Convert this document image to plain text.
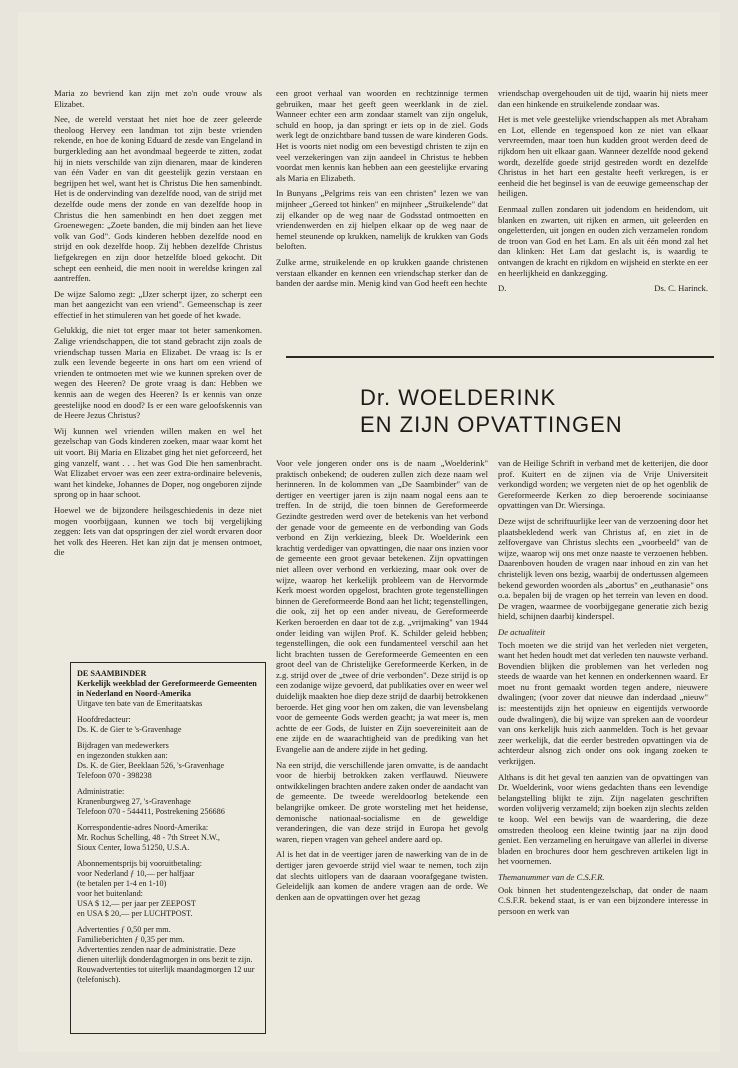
Maria zo bevriend kan zijn met zo'n oude vrouw als Elizabet.

Nee, de wereld verstaat het niet hoe de zeer geleerde theoloog Hervey een landman tot zijn beste vrienden rekende, en hoe de koning Eduard de zesde van Engeland in burgerkleding aan het avondmaal begeerde te zitten, zodat hij in niets verschilde van zijn dienaren, maar de kinderen van één Vader en van dit geestelijk gezin verstaan en begrijpen het wel, want het is Christus Die hen samenbindt. Het is de ondervinding van dezelfde nood, van de strijd met dezelfde oude mens der zonde en van dezelfde hoop in Christus die hen samenbindt en hen doet zeggen met Groenewegen: „Zoete banden, die mij binden aan het lieve volk van God". Gods kinderen hebben dezelfde nood en strijd en ook dezelfde hoop. Zij hebben dezelfde Christus liefgekregen en zijn door hetzelfde bloed gekocht. Dit schept een eenheid, die men nooit in wereldse kringen zal aantreffen.

De wijze Salomo zegt: „IJzer scherpt ijzer, zo scherpt een man het aangezicht van een vriend". Gemeenschap is zeer effectief in het stimuleren van het goede of het kwade.

Gelukkig, die niet tot erger maar tot beter samenkomen. Zalige vriendschappen, die tot stand gebracht zijn zoals de vriendschap tussen Maria en Elizabet. De vraag is: Is er zulk een levende begeerte in ons hart om een vriend of vrienden te ontmoeten met wie we kunnen spreken over de wegen des Heeren? De grote vraag is dan: Hebben we kennis aan de wegen des Heeren? Is er kennis van onze geestelijke nood en dood? Is er een ware geloofskennis van de Heere Jezus Christus?

Wij kunnen wel vrienden willen maken en wel het gezelschap van Gods kinderen zoeken, maar waar komt het uit voort. Bij Maria en Elizabet ging het niet geforceerd, het ging vanzelf, want . . . het was God Die hen samenbracht. Wat Elizabet ervoer was een zeer extra-ordinaire belevenis, want het kindeke, Johannes de Doper, nog ongeboren zijnde sprong op in haar schoot.

Hoewel we de bijzondere heilsgeschiedenis in deze niet mogen voorbijgaan, kunnen we toch bij vergelijking zeggen: Iets van dat opspringen der ziel wordt ervaren door het volk des Heeren. Het kan zijn dat je mensen ontmoet, die

een groot verhaal van woorden en rechtzinnige termen gebruiken, maar het geeft geen weerklank in de ziel. Wanneer echter een arm zondaar stamelt van zijn ongeluk, schuld en hoop, ja dan springt er iets op in de ziel. Gods werk legt de onzichtbare band tussen de ware kinderen Gods. Het is voorts niet nodig om een bevestigd christen te zijn en veel verzekeringen van zijn aandeel in Christus te hebben voordat men kennis kan hebben aan een geestelijke ervaring als Maria en Elizabeth.

In Bunyans „Pelgrims reis van een christen" lezen we van mijnheer „Gereed tot hinken" en mijnheer „Struikelende" dat zij elkander op de weg naar de Godsstad ontmoetten en vriendenwerden en zij hielpen elkaar op de weg naar de hemel steunende op krukken, namelijk de krukken van Gods beloften.

Zulke arme, struikelende en op krukken gaande christenen verstaan elkander en kennen een vriendschap sterker dan de banden der aardse min. Menig kind van God heeft een hechte

vriendschap overgehouden uit de tijd, waarin hij niets meer dan een hinkende en struikelende zondaar was.

Het is met vele geestelijke vriendschappen als met Abraham en Lot, ellende en tegenspoed kon ze niet van elkaar vervreemden, maar toen hun kudden groot werden deed de rijkdom hen uit elkaar gaan. Wanneer dezelfde nood gekend wordt, dezelfde goede strijd gestreden wordt en dezelfde Christus in het hart een gestalte heeft verkregen, is er eenheid die het beginsel is van de eeuwige gemeenschap der heiligen.

Eenmaal zullen zondaren uit jodendom en heidendom, uit blanken en zwarten, uit rijken en armen, uit geleerden en ongeletterden, uit jongen en ouden zich verzamelen rondom de troon van God en het Lam. En als uit één mond zal het dan klinken: Het Lam dat geslacht is, is waardig te ontvangen de kracht en rijkdom en wijsheid en sterkte en eer en heerlijkheid en dankzegging.

D.	Ds. C. Harinck.
Dr. WOELDERINK
EN ZIJN OPVATTINGEN

Voor vele jongeren onder ons is de naam „Woelderink" praktisch onbekend; de ouderen zullen zich deze naam wel herinneren. In de kolommen van „De Saambinder" van de dertiger en veertiger jaren is zijn naam nogal eens aan te treffen. In de strijd, die toen binnen de Gereformeerde Gezindte gestreden werd over de betekenis van het verbond der genade voor de gemeente en de verbonding van Gods verbond en Zijn verkiezing, bleek Dr. Woelderink een krachtig verdediger van opvattingen, die naar ons inzien voor de gemeente een groot gevaar betekenen. Zijn opvattingen niet alleen over verbond en verkiezing, maar ook over de wijze, waarop het kerkelijk probleem van de Hervormde Kerk moest worden opgelost, brachten grote tegenstellingen binnen de Gereformeerde Bond aan het licht; tegenstellingen, die ook, zij het op een ander niveau, de Gereformeerde Kerken beroerden en daar tot de z.g. „vrijmaking" van 1944 onder leiding van wijlen Prof. K. Schilder geleid hebben; tegenstellingen, die ook een fundamenteel verschil aan het licht brachten tussen de Gereformeerde Gemeenten en een groot deel van de Christelijke Gereformeerde Kerken, in de z.g. strijd over de „twee of drie verbonden". Deze strijd is op een zodanige wijze gevoerd, dat publikaties over en weer wel duidelijk maakten hoe diep deze strijd de daarbij betrokkenen beroerde. Het ging voor hen om zaken, die van levensbelang voor de gemeente Gods werden geacht; ja wat meer is, men achtte de eer Gods, de luister en Zijn soevereiniteit aan de ene zijde en de waarachtigheid van de prediking van het Evangelie aan de andere zijde in het geding.

Na een strijd, die verschillende jaren omvatte, is de aandacht voor de hierbij betrokken zaken verflauwd. Nieuwere ontwikkelingen brachten andere zaken onder de aandacht van de gemeente. De tweede wereldoorlog betekende een belangrijke omkeer. De grote worsteling met het heidense, demonische nationaal-socialisme en de geweldige veranderingen, die van deze strijd in Europa het gevolg waren, riepen vragen van geheel andere aard op.

Al is het dat in de veertiger jaren de nawerking van de in de dertiger jaren gevoerde strijd viel waar te nemen, toch zijn dat slechts uitlopers van de daaraan voorafgegane twisten. Geleidelijk aan komen de andere vragen aan de orde. We denken aan de opvattingen over het gezag

van de Heilige Schrift in verband met de ketterijen, die door prof. Kuitert en de zijnen via de Vrije Universiteit verkondigd worden; we vergeten niet de op het ogenblik de Gereformeerde Kerken zo diep beroerende sociniaanse opvattingen van Dr. Wiersinga.

Deze wijst de schriftuurlijke leer van de verzoening door het plaatsbekledend werk van Christus af, en ziet in de zelfovergave van Christus slechts een „voorbeeld" van de wijze, waarop wij ons met onze naaste te verzoenen hebben. Daarenboven houden de vragen naar inhoud en zin van het christelijk leven ons bezig, waarbij de ondertussen algemeen bekend geworden woorden als „abortus" en „euthanasie" ons o.a. bepalen bij de vragen op het terrein van leven en dood. De vragen, waarmee de voorbijgegane generatie zich bezig hield, schijnen daarbij kinderspel.

De actualiteit

Toch moeten we die strijd van het verleden niet vergeten, want het heden houdt met dat verleden ten nauwste verband. Bovendien blijken die problemen van het verleden nog steeds de waarde van het kennen en onderkennen waard. Er moet nu front gemaakt worden tegen andere, nieuwere dwalingen; (voor zover dat nieuwe dan inderdaad „nieuw" is: meestentijds zijn het opnieuw en eigentijds verwoorde oude dwalingen), die bij wijze van spreken aan de voordeur van ons kerkelijk huis zich aanmelden. Toch is het gevaar zeer werkelijk, dat die eerder bestreden opvattingen via de achterdeur alsnog zich onder ons ook ingang zoeken te verkrijgen.

Althans is dit het geval ten aanzien van de opvattingen van Dr. Woelderink, voor wiens gedachten thans een levendige belangstelling blijkt te zijn. Zijn nagelaten geschriften worden volijverig verzameld; zijn boeken zijn slechts zelden te koop. Wel een bewijs van de waardering, die deze omstreden theoloog een kleine twintig jaar na zijn dood geniet. Een verzameling en heruitgave van allerlei in diverse bladen en brochures door hem geschreven artikelen ligt in het voornemen.

Themanummer van de C.S.F.R.

Ook binnen het studentengezelschap, dat onder de naam C.S.F.R. bekend staat, is er van een bijzondere interesse in persoon en werk van

DE SAAMBINDER
Kerkelijk weekblad der Gereformeerde Gemeenten in Nederland en Noord-Amerika
Uitgave ten bate van de Emeritaatskas
Hoofdredacteur:
Ds. K. de Gier te 's-Gravenhage
Bijdragen van medewerkers
en ingezonden stukken aan:
Ds. K. de Gier, Beeklaan 526, 's-Gravenhage
Telefoon 070 - 398238
Administratie:
Kranenburgweg 27, 's-Gravenhage
Telefoon 070 - 544411, Postrekening 256686
Korrespondentie-adres Noord-Amerika:
Mr. Rochus Schelling, 48 - 7th Street N.W.,
Sioux Center, Iowa 51250, U.S.A.
Abonnementsprijs bij vooruitbetaling:
voor Nederland ƒ 10,— per halfjaar
(te betalen per 1-4 en 1-10)
voor het buitenland:
USA $ 12,— per jaar per ZEEPOST
en USA $ 20,— per LUCHTPOST.
Advertenties ƒ 0,50 per mm.
Familieberichten ƒ 0,35 per mm.
Advertenties zenden naar de administratie. Deze dienen uiterlijk donderdagmorgen in ons bezit te zijn.
Rouwadvertenties tot uiterlijk maandagmorgen 12 uur (telefonisch).
